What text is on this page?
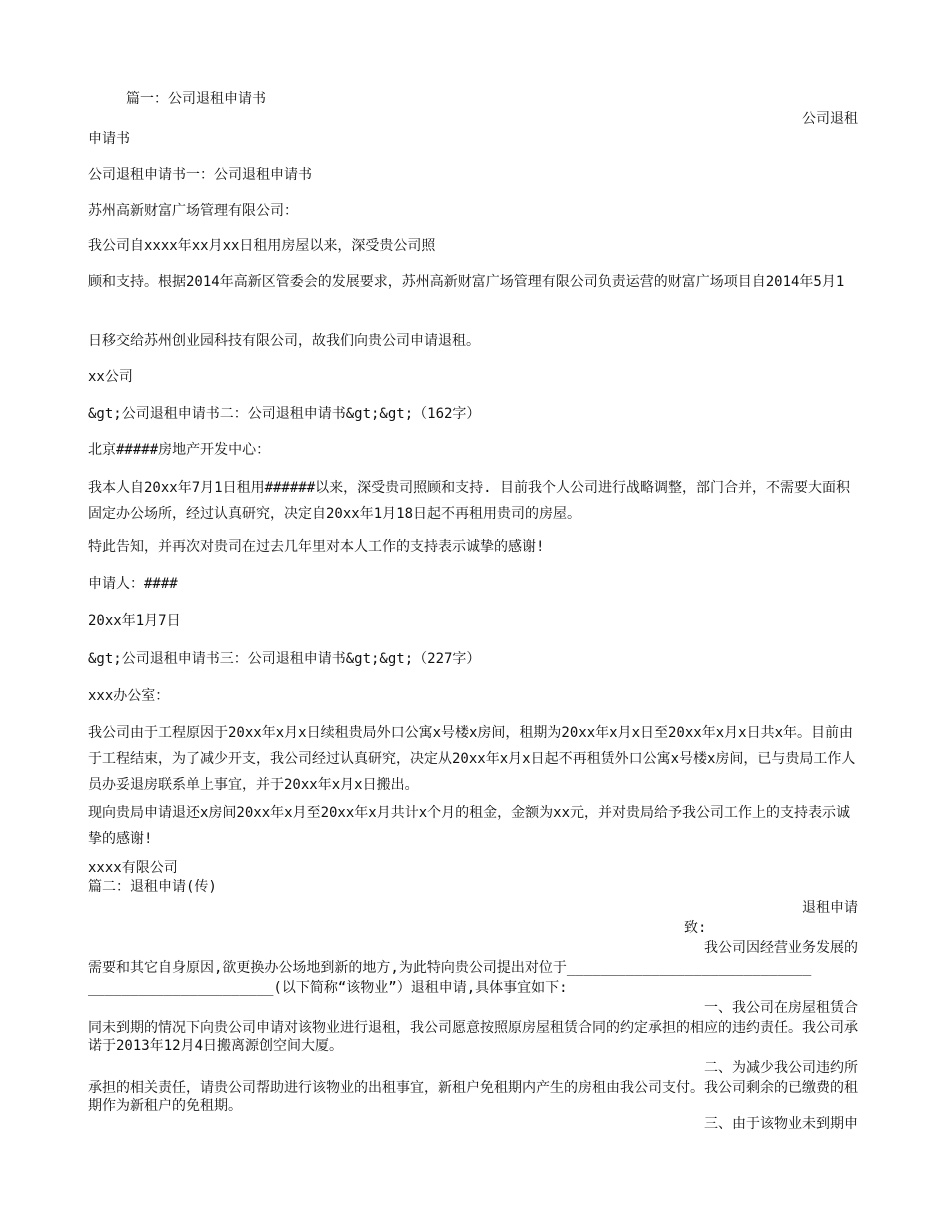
篇一：公司退租申请书
公司退租
申请书
公司退租申请书一：公司退租申请书
苏州高新财富广场管理有限公司：
我公司自xxxx年xx月xx日租用房屋以来，深受贵公司照
顾和支持。根据2014年高新区管委会的发展要求，苏州高新财富广场管理有限公司负责运营的财富广场项目自2014年5月1
日移交给苏州创业园科技有限公司，故我们向贵公司申请退租。
xx公司
&gt;公司退租申请书二：公司退租申请书&gt;&gt;（162字）
北京#####房地产开发中心：
我本人自20xx年7月1日租用######以来，深受贵司照顾和支持. 目前我个人公司进行战略调整，部门合并，不需要大面积固定办公场所，经过认真研究，决定自20xx年1月18日起不再租用贵司的房屋。
特此告知，并再次对贵司在过去几年里对本人工作的支持表示诚挚的感谢!
申请人：####
20xx年1月7日
&gt;公司退租申请书三：公司退租申请书&gt;&gt;（227字）
xxx办公室：
我公司由于工程原因于20xx年x月x日续租贵局外口公寓x号楼x房间，租期为20xx年x月x日至20xx年x月x日共x年。目前由于工程结束，为了减少开支，我公司经过认真研究，决定从20xx年x月x日起不再租赁外口公寓x号楼x房间，已与贵局工作人员办妥退房联系单上事宜，并于20xx年x月x日搬出。
现向贵局申请退还x房间20xx年x月至20xx年x月共计x个月的租金，金额为xx元，并对贵局给予我公司工作上的支持表示诚挚的感谢!
xxxx有限公司
篇二：退租申请(传)
退租申请
致:
我公司因经营业务发展的
需要和其它自身原因,欲更换办公场地到新的地方,为此特向贵公司提出对位于_____________________________
______________________(以下简称“该物业”）退租申请,具体事宜如下:
一、我公司在房屋租赁合
同未到期的情况下向贵公司申请对该物业进行退租，我公司愿意按照原房屋租赁合同的约定承担的相应的违约责任。我公司承诺于2013年12月4日搬离源创空间大厦。
二、为减少我公司违约所
承担的相关责任，请贵公司帮助进行该物业的出租事宜，新租户免租期内产生的房租由我公司支付。我公司剩余的已缴费的租期作为新租户的免租期。
三、由于该物业未到期申
